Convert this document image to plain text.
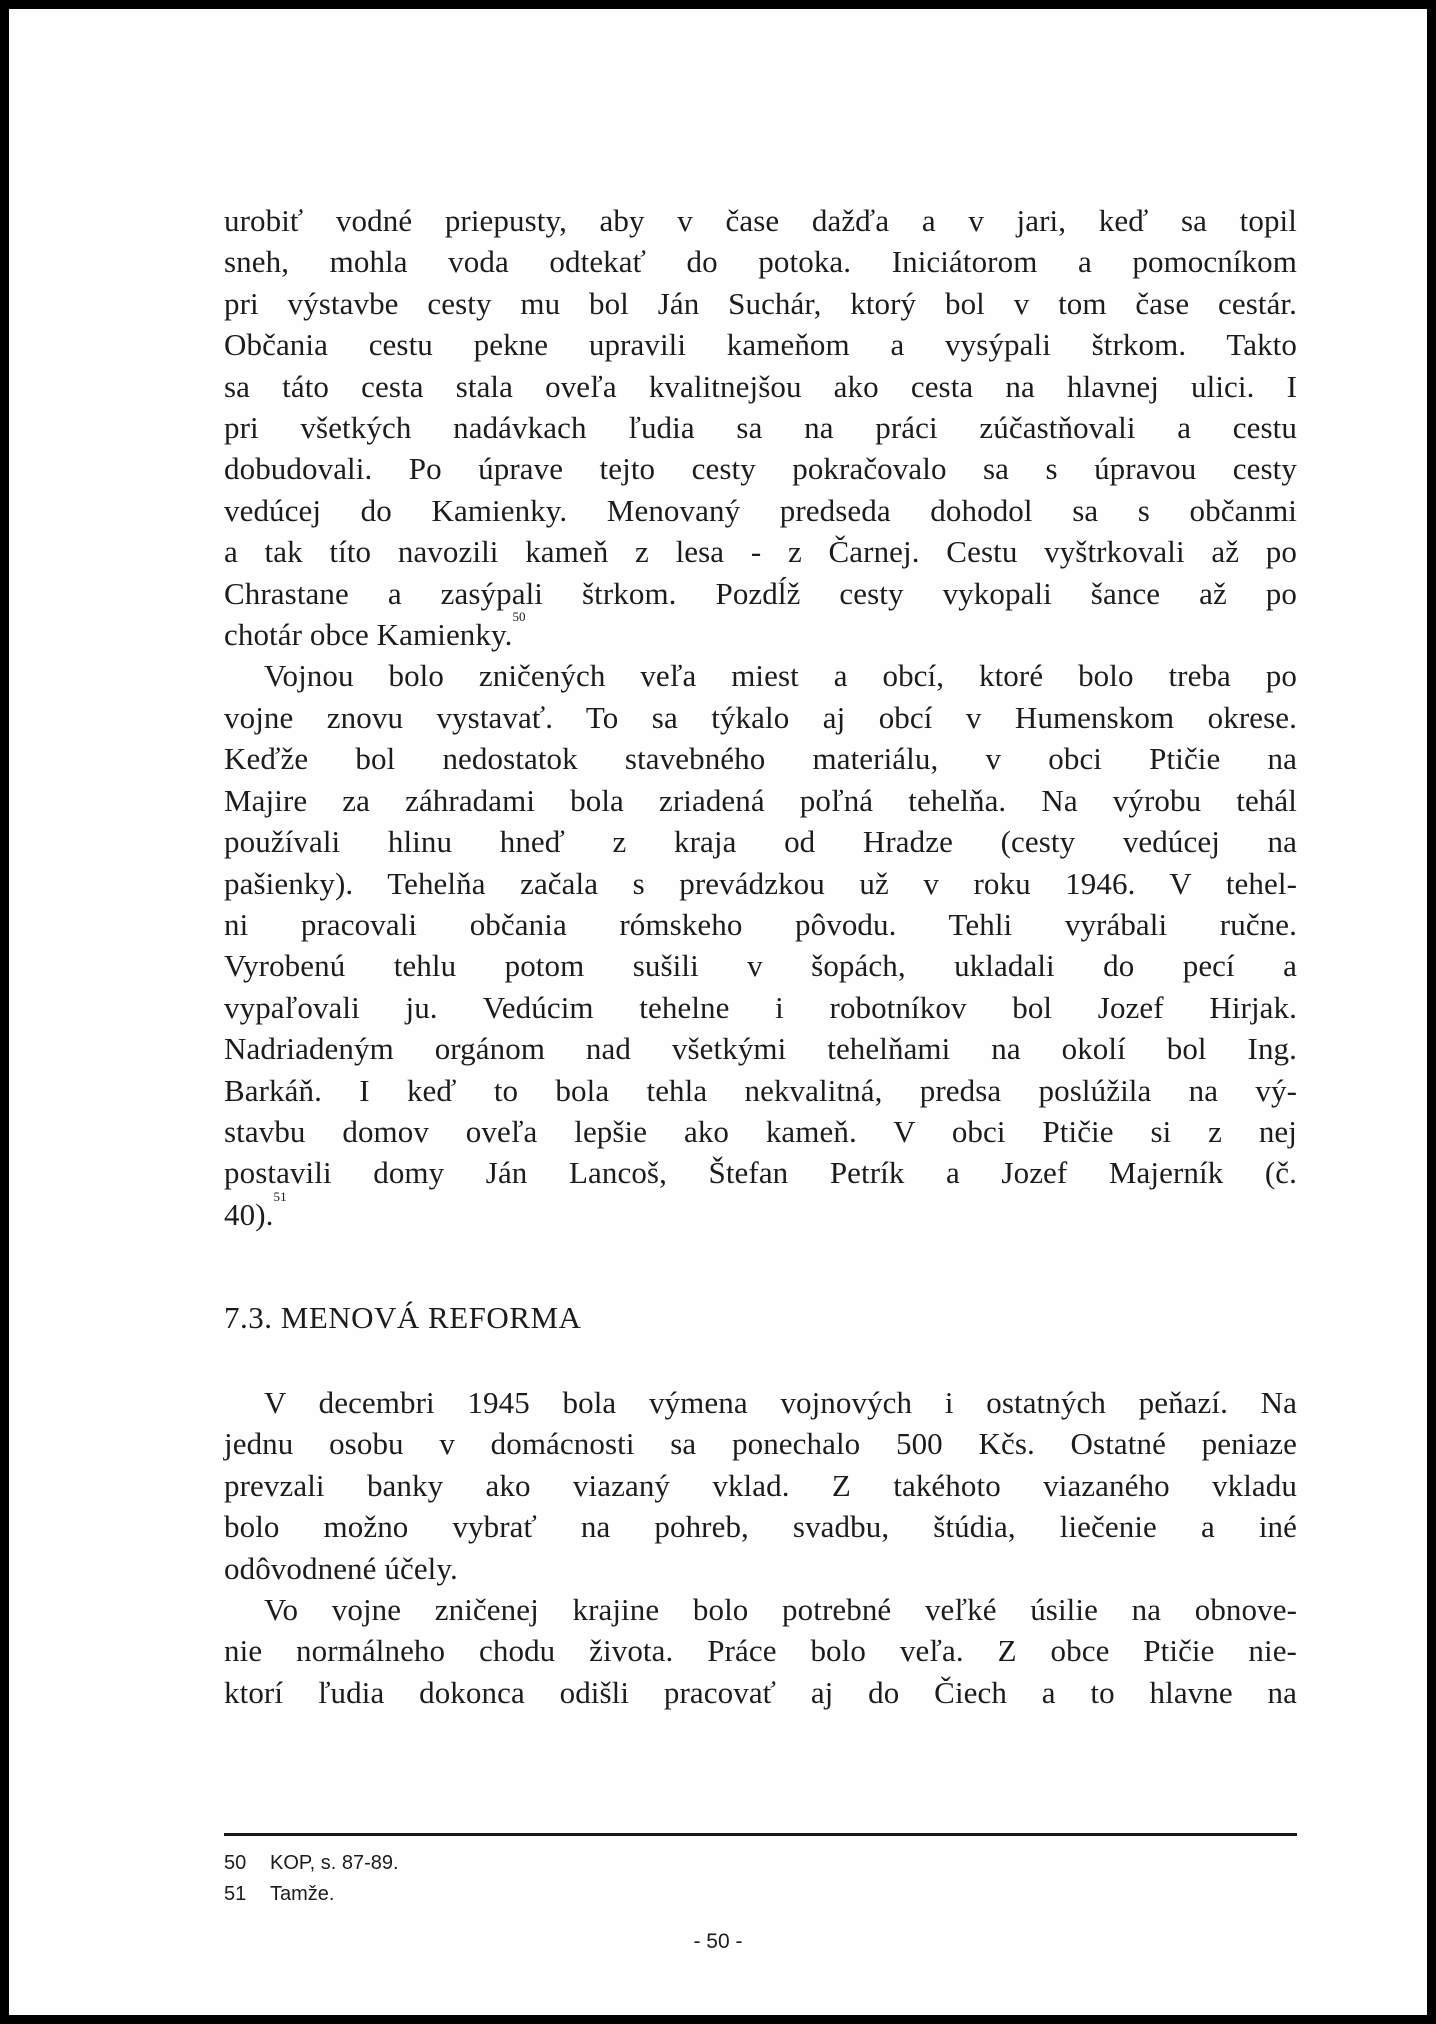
urobiť vodné priepusty, aby v čase dažďa a v jari, keď sa topil
sneh, mohla voda odtekať do potoka. Iniciátorom a pomocníkom
pri výstavbe cesty mu bol Ján Suchár, ktorý bol v tom čase cestár.
Občania cestu pekne upravili kameňom a vysýpali štrkom. Takto
sa táto cesta stala oveľa kvalitnejšou ako cesta na hlavnej ulici. I
pri všetkých nadávkach ľudia sa na práci zúčastňovali a cestu
dobudovali. Po úprave tejto cesty pokračovalo sa s úpravou cesty
vedúcej do Kamienky. Menovaný predseda dohodol sa s občanmi
a tak títo navozili kameň z lesa - z Čarnej. Cestu vyštrkovali až po
Chrastane a zasýpali štrkom. Pozdĺž cesty vykopali šance až po
chotár obce Kamienky.$^{50}$

Vojnou bolo zničených veľa miest a obcí, ktoré bolo treba po
vojne znovu vystavať. To sa týkalo aj obcí v Humenskom okrese.
Keďže bol nedostatok stavebného materiálu, v obci Ptičie na
Majire za záhradami bola zriadená poľná tehelňa. Na výrobu tehál
používali hlinu hneď z kraja od Hradze (cesty vedúcej na
pašienky). Tehelňa začala s prevádzkou už v roku 1946. V tehel-
ni pracovali občania rómskeho pôvodu. Tehli vyrábali ručne.
Vyrobenú tehlu potom sušili v šopách, ukladali do pecí a
vypaľovali ju. Vedúcim tehelne i robotníkov bol Jozef Hirjak.
Nadriadeným orgánom nad všetkými tehelňami na okolí bol Ing.
Barkáň. I keď to bola tehla nekvalitná, predsa poslúžila na vý-
stavbu domov oveľa lepšie ako kameň. V obci Ptičie si z nej
postavili domy Ján Lancoš, Štefan Petrík a Jozef Majerník (č.
40).$^{51}$

7.3. MENOVÁ REFORMA

V decembri 1945 bola výmena vojnových i ostatných peňazí. Na
jednu osobu v domácnosti sa ponechalo 500 Kčs. Ostatné peniaze
prevzali banky ako viazaný vklad. Z takéhoto viazaného vkladu
bolo možno vybrať na pohreb, svadbu, štúdia, liečenie a iné
odôvodnené účely.

Vo vojne zničenej krajine bolo potrebné veľké úsilie na obnove-
nie normálneho chodu života. Práce bolo veľa. Z obce Ptičie nie-
ktorí ľudia dokonca odišli pracovať aj do Čiech a to hlavne na

50 KOP, s. 87-89.
51 Tamže.
- 50 -
